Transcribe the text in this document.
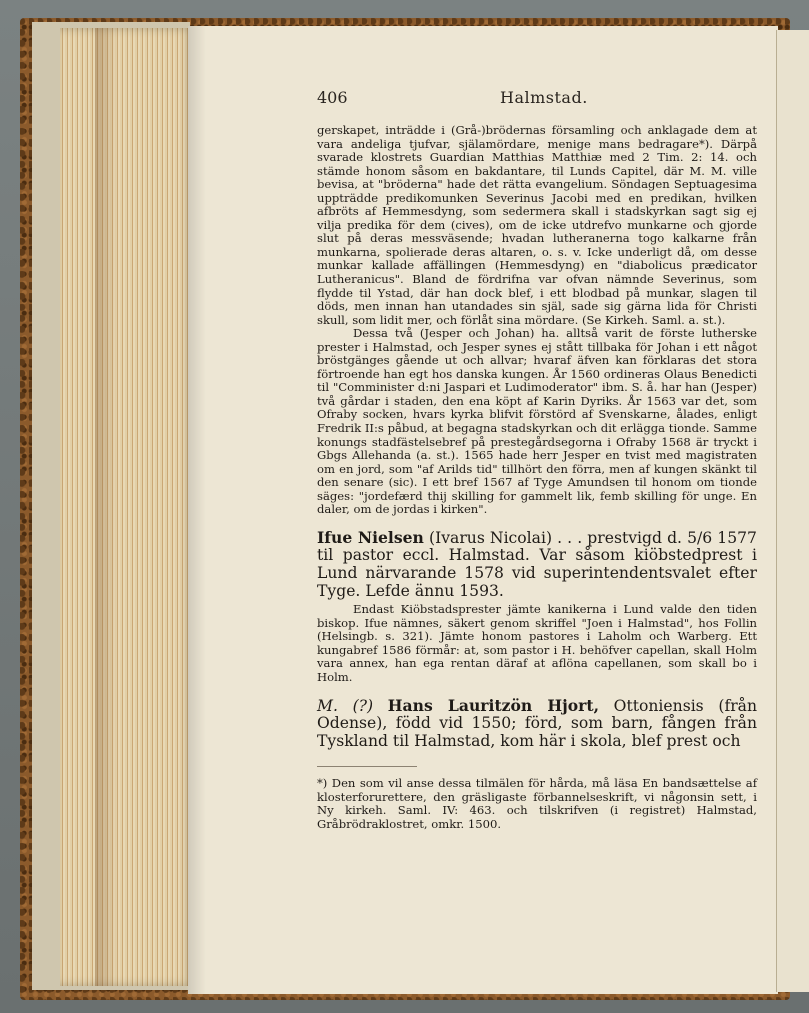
406	Halmstad.

gerskapet, inträdde i (Grå-)brödernas församling och anklagade dem at vara andeliga tjufvar, själamördare, menige mans bedragare*). Därpå svarade klostrets Guardian Matthias Matthiæ med 2 Tim. 2: 14. och stämde honom såsom en bakdantare, til Lunds Capitel, där M. M. ville bevisa, at "bröderna" hade det rätta evangelium. Söndagen Septuagesima uppträdde predikomunken Severinus Jacobi med en predikan, hvilken afbröts af Hemmesdyng, som sedermera skall i stadskyrkan sagt sig ej vilja predika för dem (cives), om de icke utdrefvo munkarne och gjorde slut på deras messväsende; hvadan lutheranerna togo kalkarne från munkarna, spolierade deras altaren, o. s. v. Icke underligt då, om desse munkar kallade affällingen (Hemmesdyng) en "diabolicus prædicator Lutheranicus". Bland de fördrifna var ofvan nämnde Severinus, som flydde til Ystad, där han dock blef, i ett blodbad på munkar, slagen til döds, men innan han utandades sin själ, sade sig gärna lida för Christi skull, som lidit mer, och förlåt sina mördare. (Se Kirkeh. Saml. a. st.).

Dessa två (Jesper och Johan) ha. alltså varit de förste lutherske prester i Halmstad, och Jesper synes ej stått tillbaka för Johan i ett något bröstgänges gående ut och allvar; hvaraf äfven kan förklaras det stora förtroende han egt hos danska kungen. År 1560 ordineras Olaus Benedicti til "Comminister d:ni Jaspari et Ludimoderator" ibm. S. å. har han (Jesper) två gårdar i staden, den ena köpt af Karin Dyriks. År 1563 var det, som Ofraby socken, hvars kyrka blifvit förstörd af Svenskarne, ålades, enligt Fredrik II:s påbud, at begagna stadskyrkan och dit erlägga tionde. Samme konungs stadfästelsebref på prestegårdsegorna i Ofraby 1568 är tryckt i Gbgs Allehanda (a. st.). 1565 hade herr Jesper en tvist med magistraten om en jord, som "af Arilds tid" tillhört den förra, men af kungen skänkt til den senare (sic). I ett bref 1567 af Tyge Amundsen til honom om tionde säges: "jordefærd thij skilling for gammelt lik, femb skilling för unge. En daler, om de jordas i kirken".

Ifue Nielsen (Ivarus Nicolai) . . . prestvigd d. 5/6 1577 til pastor eccl. Halmstad. Var såsom kiöbstedprest i Lund närvarande 1578 vid superintendentsvalet efter Tyge. Lefde ännu 1593.

Endast Kiöbstadsprester jämte kanikerna i Lund valde den tiden biskop. Ifue nämnes, säkert genom skriffel "Joen i Halmstad", hos Follin (Helsingb. s. 321). Jämte honom pastores i Laholm och Warberg. Ett kungabref 1586 förmår: at, som pastor i H. behöfver capellan, skall Holm vara annex, han ega rentan däraf at aflöna capellanen, som skall bo i Holm.

M. (?) Hans Lauritzön Hjort, Ottoniensis (från Odense), född vid 1550; förd, som barn, fången från Tyskland til Halmstad, kom här i skola, blef prest och

*) Den som vil anse dessa tilmälen för hårda, må läsa En bandsættelse af klosterforurettere, den gräsligaste förbannelseskrift, vi någonsin sett, i Ny kirkeh. Saml. IV: 463. och tilskrifven (i registret) Halmstad, Gråbrödraklostret, omkr. 1500.
